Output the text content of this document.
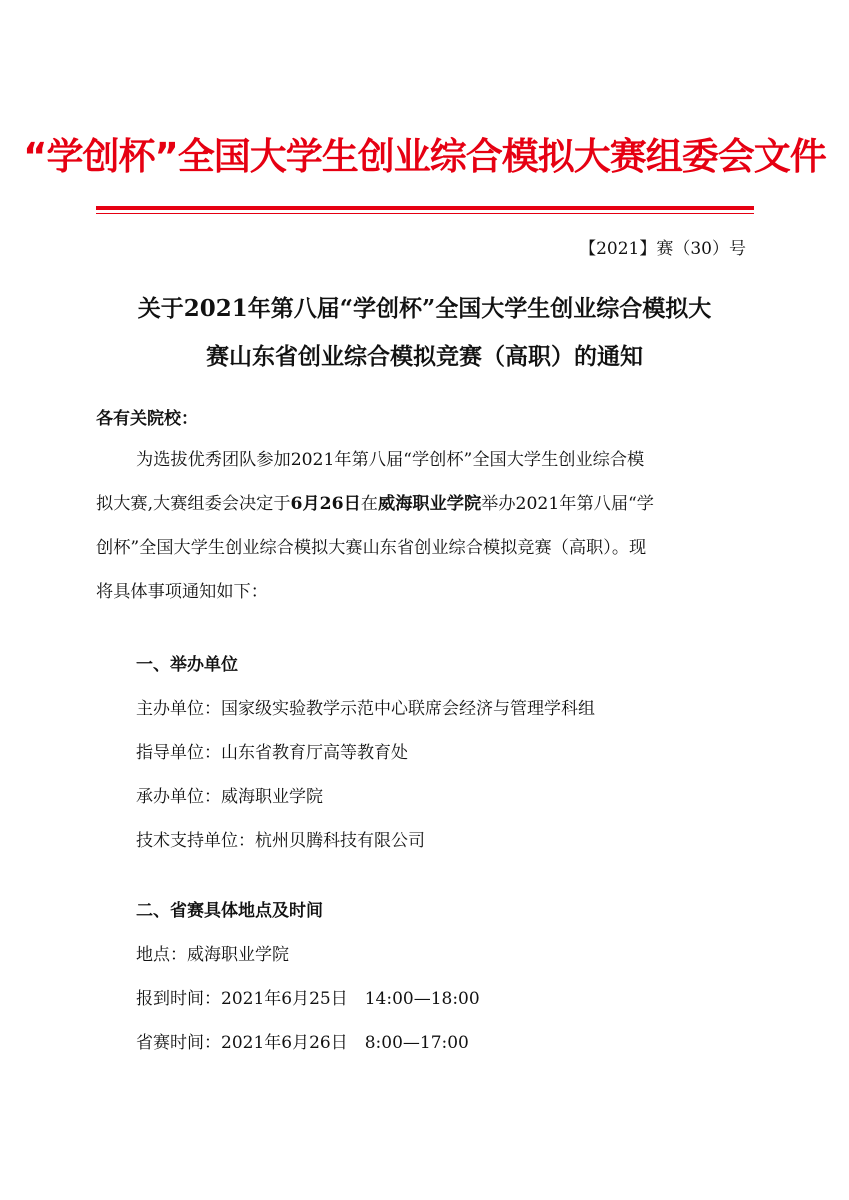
“学创杯”全国大学生创业综合模拟大赛组委会文件
【2021】赛（30）号
关于2021年第八届“学创杯”全国大学生创业综合模拟大
赛山东省创业综合模拟竞赛（高职）的通知
各有关院校：
为选拔优秀团队参加2021年第八届“学创杯”全国大学生创业综合模
拟大赛,大赛组委会决定于6月26日在威海职业学院举办2021年第八届“学
创杯”全国大学生创业综合模拟大赛山东省创业综合模拟竞赛（高职）。现
将具体事项通知如下：
一、举办单位
主办单位：国家级实验教学示范中心联席会经济与管理学科组
指导单位：山东省教育厅高等教育处
承办单位：威海职业学院
技术支持单位：杭州贝腾科技有限公司
二、省赛具体地点及时间
地点：威海职业学院
报到时间：2021年6月25日　14:00—18:00
省赛时间：2021年6月26日　8:00—17:00
